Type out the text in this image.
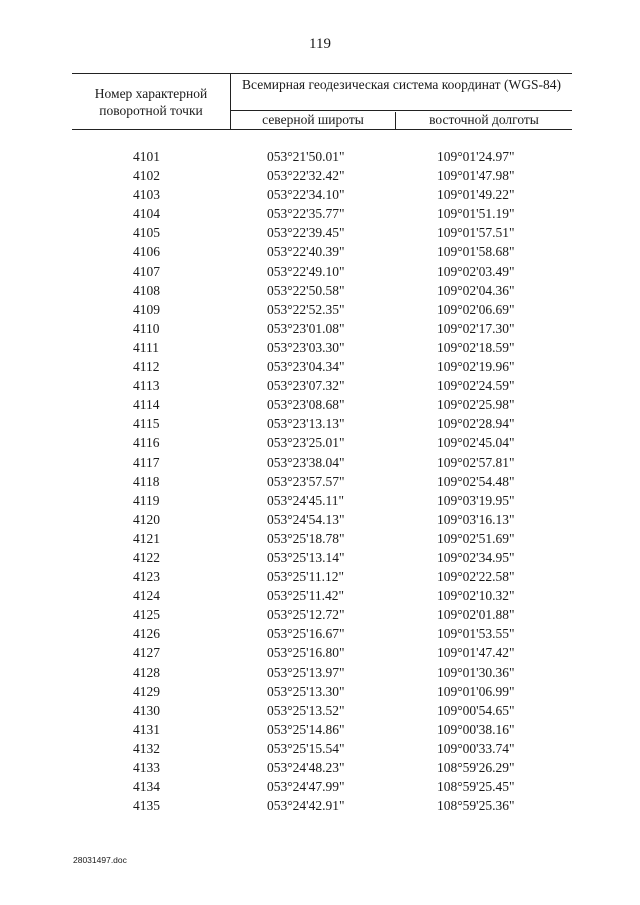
119
Номер характерной поворотной точки
Всемирная геодезическая система координат (WGS-84)
северной широты	восточной долготы
4101	053°21'50.01"	109°01'24.97"
4102	053°22'32.42"	109°01'47.98"
4103	053°22'34.10"	109°01'49.22"
4104	053°22'35.77"	109°01'51.19"
4105	053°22'39.45"	109°01'57.51"
4106	053°22'40.39"	109°01'58.68"
4107	053°22'49.10"	109°02'03.49"
4108	053°22'50.58"	109°02'04.36"
4109	053°22'52.35"	109°02'06.69"
4110	053°23'01.08"	109°02'17.30"
4111	053°23'03.30"	109°02'18.59"
4112	053°23'04.34"	109°02'19.96"
4113	053°23'07.32"	109°02'24.59"
4114	053°23'08.68"	109°02'25.98"
4115	053°23'13.13"	109°02'28.94"
4116	053°23'25.01"	109°02'45.04"
4117	053°23'38.04"	109°02'57.81"
4118	053°23'57.57"	109°02'54.48"
4119	053°24'45.11"	109°03'19.95"
4120	053°24'54.13"	109°03'16.13"
4121	053°25'18.78"	109°02'51.69"
4122	053°25'13.14"	109°02'34.95"
4123	053°25'11.12"	109°02'22.58"
4124	053°25'11.42"	109°02'10.32"
4125	053°25'12.72"	109°02'01.88"
4126	053°25'16.67"	109°01'53.55"
4127	053°25'16.80"	109°01'47.42"
4128	053°25'13.97"	109°01'30.36"
4129	053°25'13.30"	109°01'06.99"
4130	053°25'13.52"	109°00'54.65"
4131	053°25'14.86"	109°00'38.16"
4132	053°25'15.54"	109°00'33.74"
4133	053°24'48.23"	108°59'26.29"
4134	053°24'47.99"	108°59'25.45"
4135	053°24'42.91"	108°59'25.36"
28031497.doc
